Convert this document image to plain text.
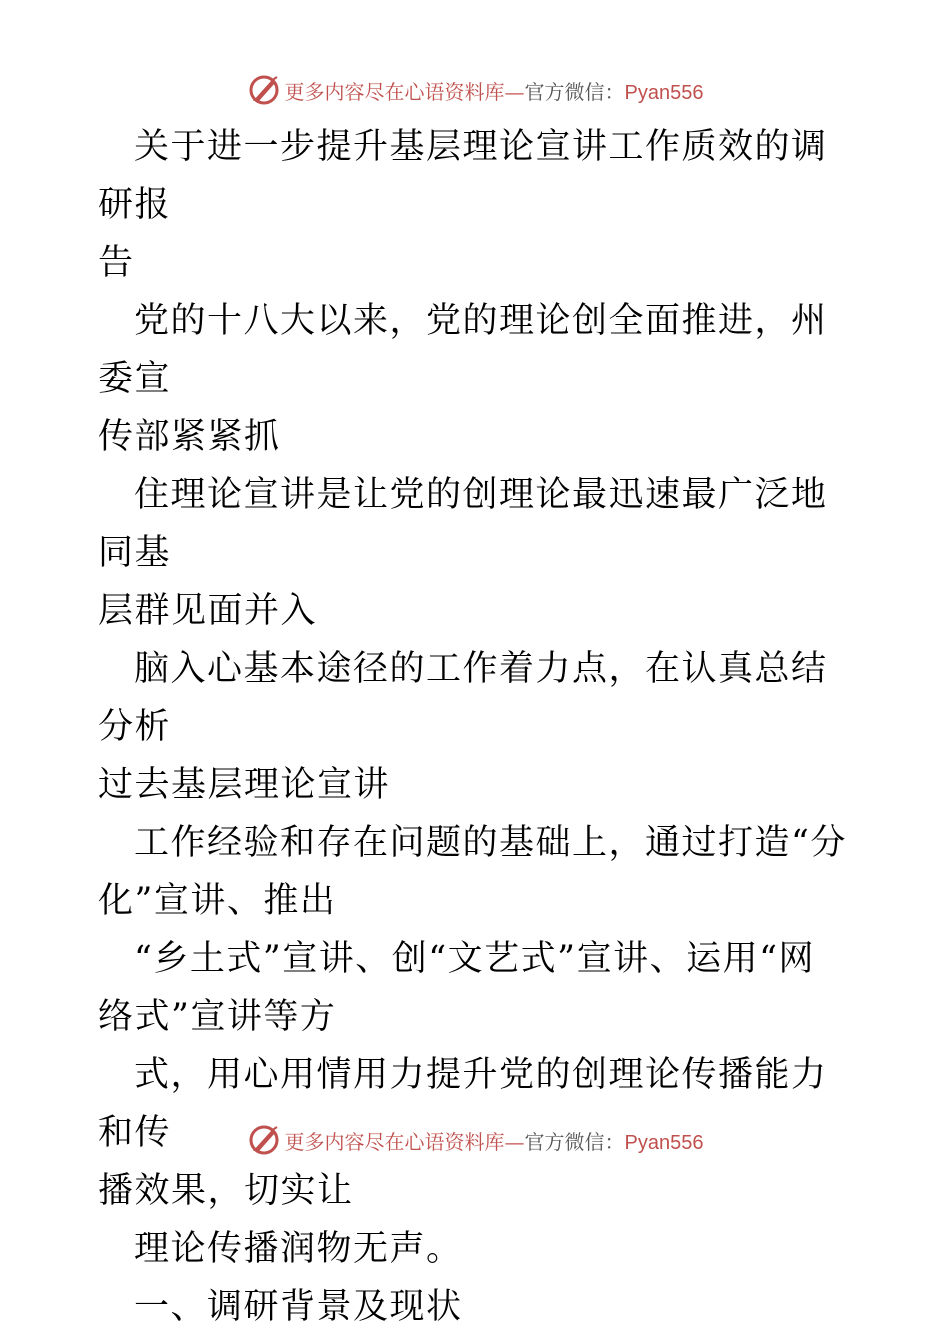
更多内容尽在心语资料库—官方微信：Pyan556

关于进一步提升基层理论宣讲工作质效的调研报
告

党的十八大以来，党的理论创全面推进，州委宣
传部紧紧抓

住理论宣讲是让党的创理论最迅速最广泛地同基
层群见面并入

脑入心基本途径的工作着力点，在认真总结分析
过去基层理论宣讲

工作经验和存在问题的基础上，通过打造“分
化”宣讲、推出

“乡土式”宣讲、创“文艺式”宣讲、运用“网
络式”宣讲等方

式，用心用情用力提升党的创理论传播能力和传
播效果，切实让

理论传播润物无声。

一、调研背景及现状

更多内容尽在心语资料库—官方微信：Pyan556
